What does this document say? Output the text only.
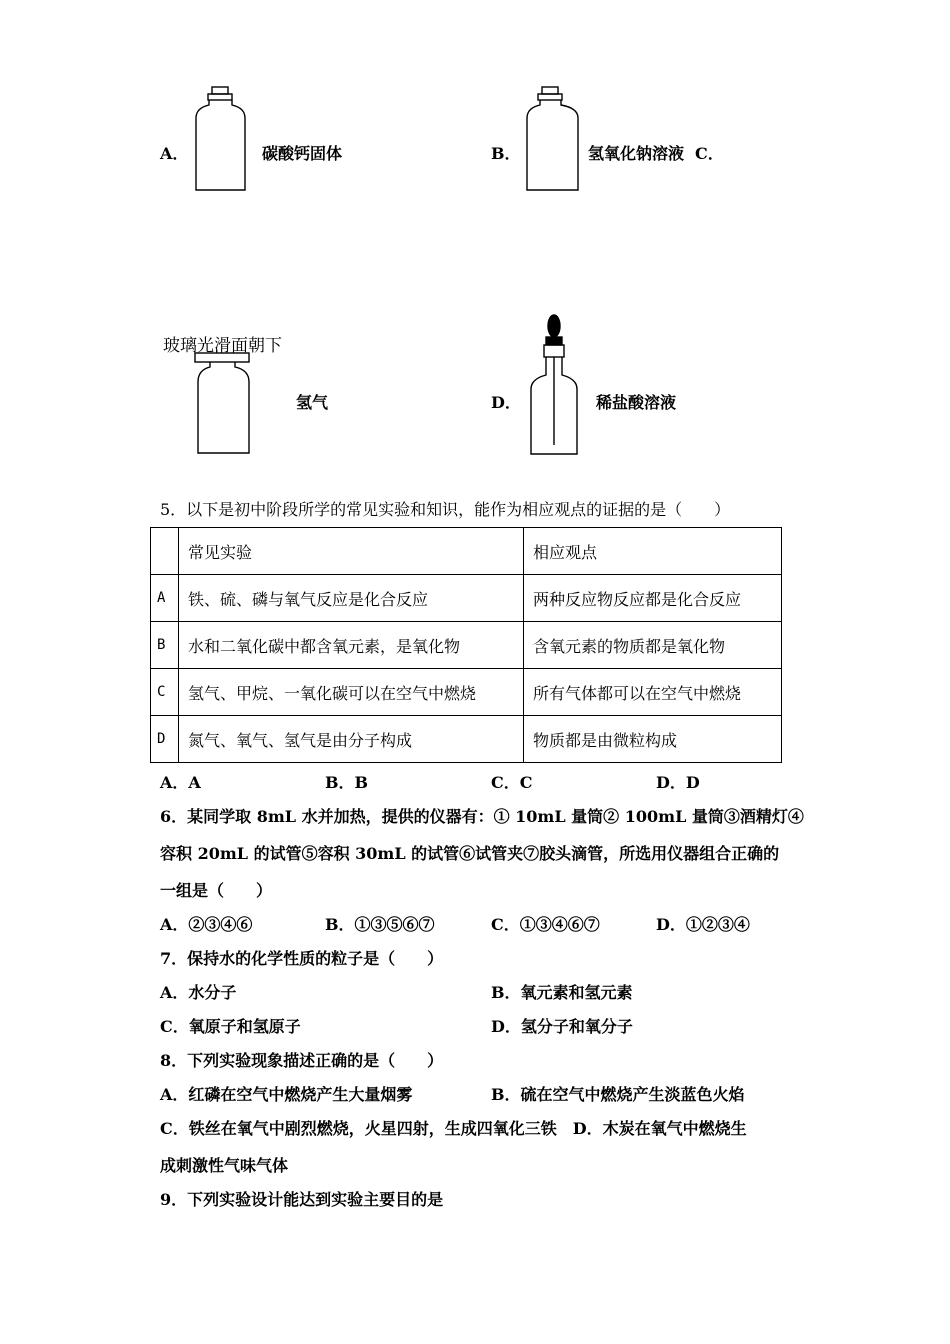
A．	碳酸钙固体	B．	氢氧化钠溶液 C．
玻璃光滑面朝下
氢气	D．	稀盐酸溶液
5．以下是初中阶段所学的常见实验和知识，能作为相应观点的证据的是（　　）
	常见实验	相应观点
A	铁、硫、磷与氧气反应是化合反应	两种反应物反应都是化合反应
B	水和二氧化碳中都含氧元素，是氧化物	含氧元素的物质都是氧化物
C	氢气、甲烷、一氧化碳可以在空气中燃烧	所有气体都可以在空气中燃烧
D	氮气、氧气、氢气是由分子构成	物质都是由微粒构成
A．A	B．B	C．C	D．D
6．某同学取 8mL 水并加热，提供的仪器有：① 10mL 量筒② 100mL 量筒③酒精灯④
容积 20mL 的试管⑤容积 30mL 的试管⑥试管夹⑦胶头滴管，所选用仪器组合正确的
一组是（　　）
A．②③④⑥	B．①③⑤⑥⑦	C．①③④⑥⑦	D．①②③④
7．保持水的化学性质的粒子是（　　）
A．水分子	B．氧元素和氢元素
C．氧原子和氢原子	D．氢分子和氧分子
8．下列实验现象描述正确的是（　　）
A．红磷在空气中燃烧产生大量烟雾	B．硫在空气中燃烧产生淡蓝色火焰
C．铁丝在氧气中剧烈燃烧，火星四射，生成四氧化三铁　D．木炭在氧气中燃烧生
成刺激性气味气体
9．下列实验设计能达到实验主要目的是
